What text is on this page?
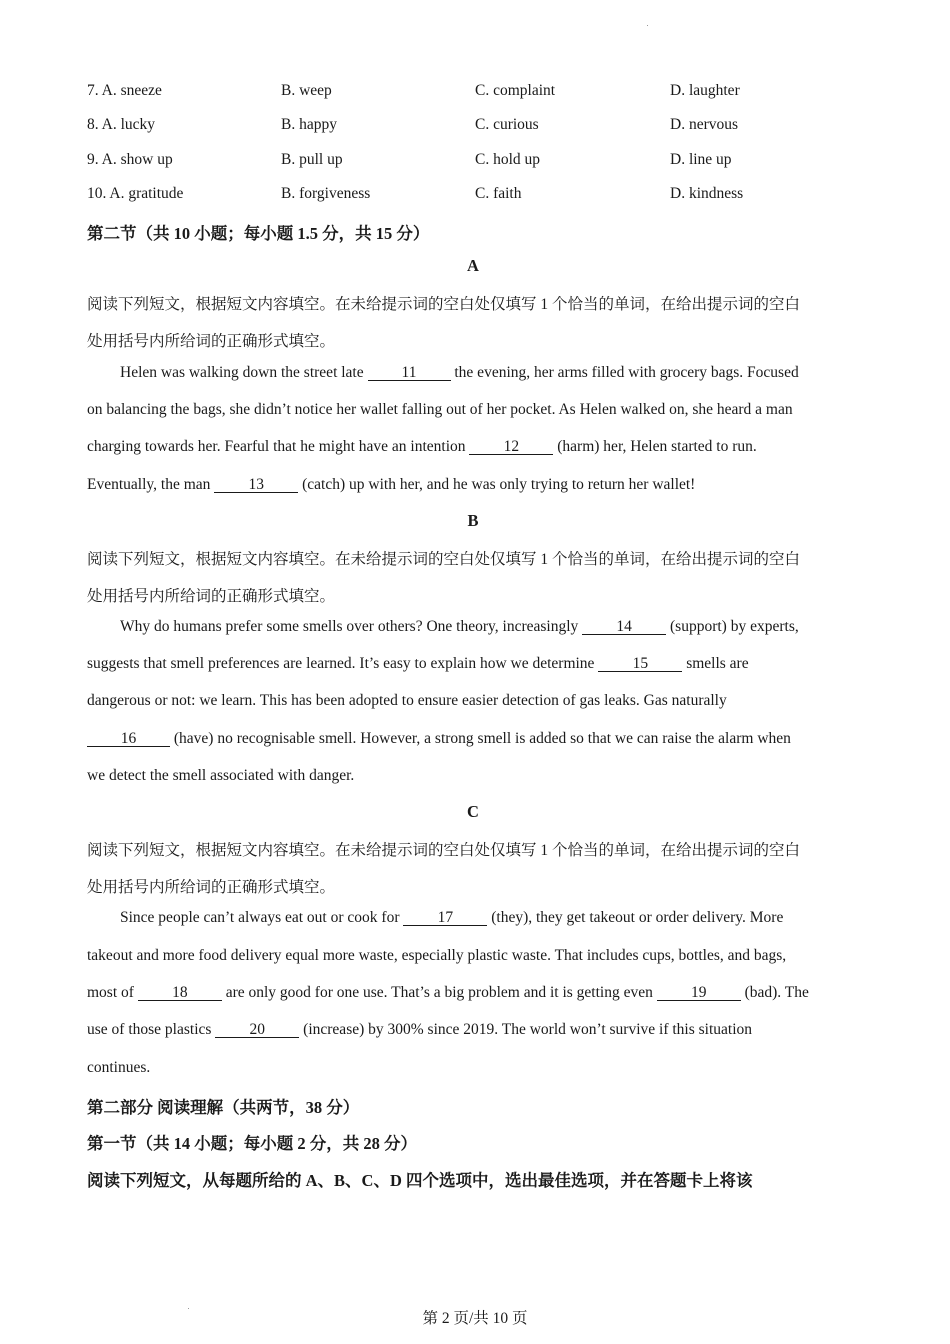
7. A. sneeze	B. weep	C. complaint	D. laughter
8. A. lucky	B. happy	C. curious	D. nervous
9. A. show up	B. pull up	C. hold up	D. line up
10. A. gratitude	B. forgiveness	C. faith	D. kindness
第二节（共 10 小题；每小题 1.5 分，共 15 分）
A
阅读下列短文，根据短文内容填空。在未给提示词的空白处仅填写 1 个恰当的单词，在给出提示词的空白
处用括号内所给词的正确形式填空。
Helen was walking down the street late 11 the evening, her arms filled with grocery bags. Focused
on balancing the bags, she didn’t notice her wallet falling out of her pocket. As Helen walked on, she heard a man
charging towards her. Fearful that he might have an intention 12 (harm) her, Helen started to run.
Eventually, the man 13 (catch) up with her, and he was only trying to return her wallet!
B
阅读下列短文，根据短文内容填空。在未给提示词的空白处仅填写 1 个恰当的单词，在给出提示词的空白
处用括号内所给词的正确形式填空。
Why do humans prefer some smells over others? One theory, increasingly 14 (support) by experts,
suggests that smell preferences are learned. It’s easy to explain how we determine 15 smells are
dangerous or not: we learn. This has been adopted to ensure easier detection of gas leaks. Gas naturally
16 (have) no recognisable smell. However, a strong smell is added so that we can raise the alarm when
we detect the smell associated with danger.
C
阅读下列短文，根据短文内容填空。在未给提示词的空白处仅填写 1 个恰当的单词，在给出提示词的空白
处用括号内所给词的正确形式填空。
Since people can’t always eat out or cook for 17 (they), they get takeout or order delivery. More
takeout and more food delivery equal more waste, especially plastic waste. That includes cups, bottles, and bags,
most of 18 are only good for one use. That’s a big problem and it is getting even 19 (bad). The
use of those plastics 20 (increase) by 300% since 2019. The world won’t survive if this situation
continues.
第二部分 阅读理解（共两节，38 分）
第一节（共 14 小题；每小题 2 分，共 28 分）
阅读下列短文，从每题所给的 A、B、C、D 四个选项中，选出最佳选项，并在答题卡上将该
第 2 页/共 10 页
